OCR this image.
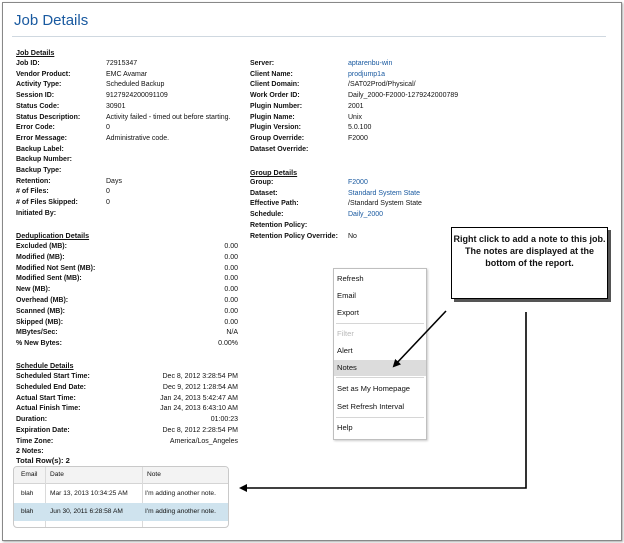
Job Details
Job Details
Job ID:	72915347
Vendor Product:	EMC Avamar
Activity Type:	Scheduled Backup
Session ID:	9127924200091109
Status Code:	30901
Status Description:	Activity failed - timed out before starting.
Error Code:	0
Error Message:	Administrative code.
Backup Label:
Backup Number:
Backup Type:
Retention:	Days
# of Files:	0
# of Files Skipped:	0
Initiated By:
Server:	aptarenbu-win
Client Name:	prodjump1a
Client Domain:	/SAT02Prod/Physical/
Work Order ID:	Daily_2000-F2000-1279242000789
Plugin Number:	2001
Plugin Name:	Unix
Plugin Version:	5.0.100
Group Override:	F2000
Dataset Override:
Group Details
Group:	F2000
Dataset:	Standard System State
Effective Path:	/Standard System State
Schedule:	Daily_2000
Retention Policy:
Retention Policy Override: No
Deduplication Details
Excluded (MB):	0.00
Modified (MB):	0.00
Modified Not Sent (MB):	0.00
Modified Sent (MB):	0.00
New (MB):	0.00
Overhead (MB):	0.00
Scanned (MB):	0.00
Skipped (MB):	0.00
MBytes/Sec:	N/A
% New Bytes:	0.00%
Schedule Details
Scheduled Start Time:	Dec 8, 2012 3:28:54 PM
Scheduled End Date:	Dec 9, 2012 1:28:54 AM
Actual Start Time:	Jan 24, 2013 5:42:47 AM
Actual Finish Time:	Jan 24, 2013 6:43:10 AM
Duration:	01:00:23
Expiration Date:	Dec 8, 2012 2:28:54 PM
Time Zone:	America/Los_Angeles
2 Notes:
Total Row(s): 2
Email Date	Note
blah	Mar 13, 2013 10:34:25 AM	I'm adding another note.
blah	Jun 30, 2011 6:28:58 AM	I'm adding another note.
Refresh
Email
Export
Filter
Alert
Notes
Set as My Homepage
Set Refresh Interval
Help
Right click to add a note to this job. The notes are displayed at the bottom of the report.
